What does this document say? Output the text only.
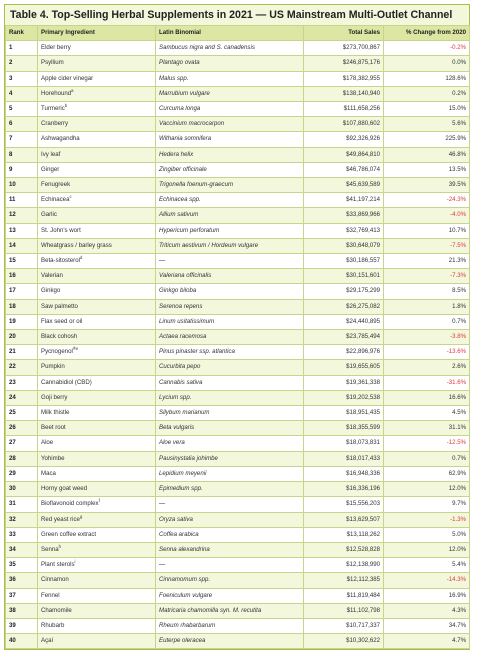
Table 4. Top-Selling Herbal Supplements in 2021 — US Mainstream Multi-Outlet Channel
Rank	Primary Ingredient	Latin Binomial	Total Sales	% Change from 2020
1	Elder berry	Sambucus nigra and S. canadensis	$273,700,867	-0.2%
2	Psyllium	Plantago ovata	$246,875,176	0.0%
3	Apple cider vinegar	Malus spp.	$178,382,955	128.6%
4	Horehound$^a$	Marrubium vulgare	$138,140,940	0.2%
5	Turmeric$^b$	Curcuma longa	$111,658,256	15.0%
6	Cranberry	Vaccinium macrocarpon	$107,880,602	5.6%
7	Ashwagandha	Withania somnifera	$92,326,926	225.9%
8	Ivy leaf	Hedera helix	$49,864,810	46.8%
9	Ginger	Zingiber officinale	$46,786,074	13.5%
10	Fenugreek	Trigonella foenum-graecum	$45,639,589	39.5%
11	Echinacea$^c$	Echinacea spp.	$41,197,214	-24.3%
12	Garlic	Allium sativum	$33,869,966	-4.0%
13	St. John's wort	Hypericum perforatum	$32,769,413	10.7%
14	Wheatgrass / barley grass	Triticum aestivum / Hordeum vulgare	$30,648,079	-7.5%
15	Beta-sitosterol$^d$	—	$30,186,557	21.3%
16	Valerian	Valeriana officinalis	$30,151,601	-7.3%
17	Ginkgo	Ginkgo biloba	$29,175,299	8.5%
18	Saw palmetto	Serenoa repens	$26,275,082	1.8%
19	Flax seed or oil	Linum usitatissimum	$24,440,895	0.7%
20	Black cohosh	Actaea racemosa	$23,785,494	-3.8%
21	Pycnogenol$^{®e}$	Pinus pinaster ssp. atlantica	$22,896,976	-13.6%
22	Pumpkin	Cucurbita pepo	$19,655,605	2.6%
23	Cannabidiol (CBD)	Cannabis sativa	$19,361,338	-31.6%
24	Goji berry	Lycium spp.	$19,202,538	16.6%
25	Milk thistle	Silybum marianum	$18,951,435	4.5%
26	Beet root	Beta vulgaris	$18,355,599	31.1%
27	Aloe	Aloe vera	$18,073,831	-12.5%
28	Yohimbe	Pausinystalia johimbe	$18,017,433	0.7%
29	Maca	Lepidium meyenii	$16,948,336	62.9%
30	Horny goat weed	Epimedium spp.	$16,336,196	12.0%
31	Bioflavonoid complex$^f$	—	$15,556,203	9.7%
32	Red yeast rice$^g$	Oryza sativa	$13,629,507	-1.3%
33	Green coffee extract	Coffea arabica	$13,118,262	5.0%
34	Senna$^h$	Senna alexandrina	$12,528,828	12.0%
35	Plant sterols$^i$	—	$12,138,990	5.4%
36	Cinnamon	Cinnamomum spp.	$12,112,385	-14.3%
37	Fennel	Foeniculum vulgare	$11,819,484	16.9%
38	Chamomile	Matricaria chamomilla syn. M. recutita	$11,102,798	4.3%
39	Rhubarb	Rheum rhabarbarum	$10,717,337	34.7%
40	Açaí	Euterpe oleracea	$10,302,622	4.7%
